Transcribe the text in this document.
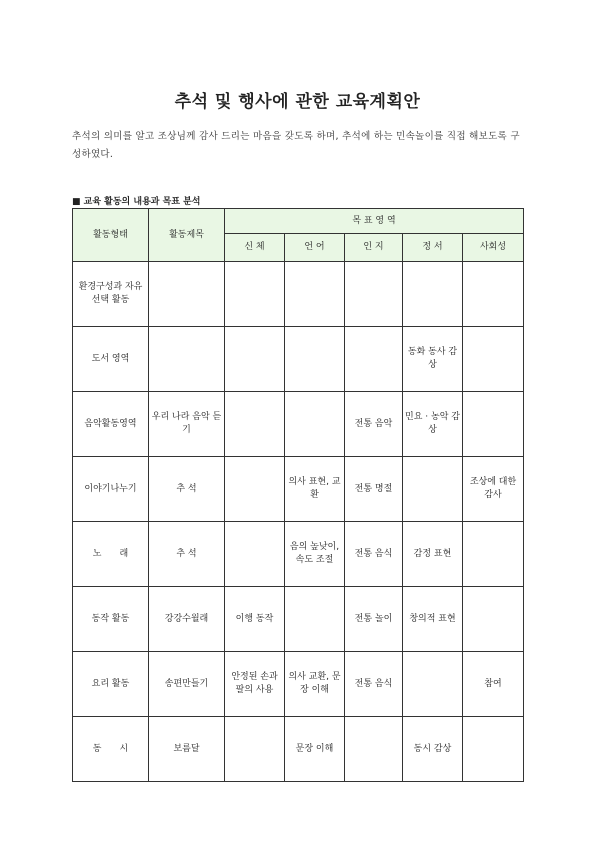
추석 및 행사에 관한 교육계획안
추석의 의미를 알고 조상님께 감사 드리는 마음을 갖도록 하며, 추석에 하는 민속놀이를 직접 해보도록 구성하였다.
■ 교육 활동의 내용과 목표 분석
활동형태	활동제목	목 표 영 역				
		신 체	언 어	인 지	정 서	사회성
환경구성과 자유 선택 활동						
도서 영역					동화 동사 감상	
음악활동영역	우리 나라 음악 듣기			전통 음악	민요 · 농악 감상	
이야기나누기	추 석		의사 표현, 교환	전통 명절		조상에 대한 감사
노　　래	추 석		음의 높낮이, 속도 조절	전통 음식	감정 표현	
동작 활동	강강수월래	이행 동작		전통 놀이	창의적 표현	
요리 활동	송편만들기	안정된 손과 팔의 사용	의사 교환, 문장 이해	전통 음식		참여
동　　시	보름달		문장 이해		동시 감상	
